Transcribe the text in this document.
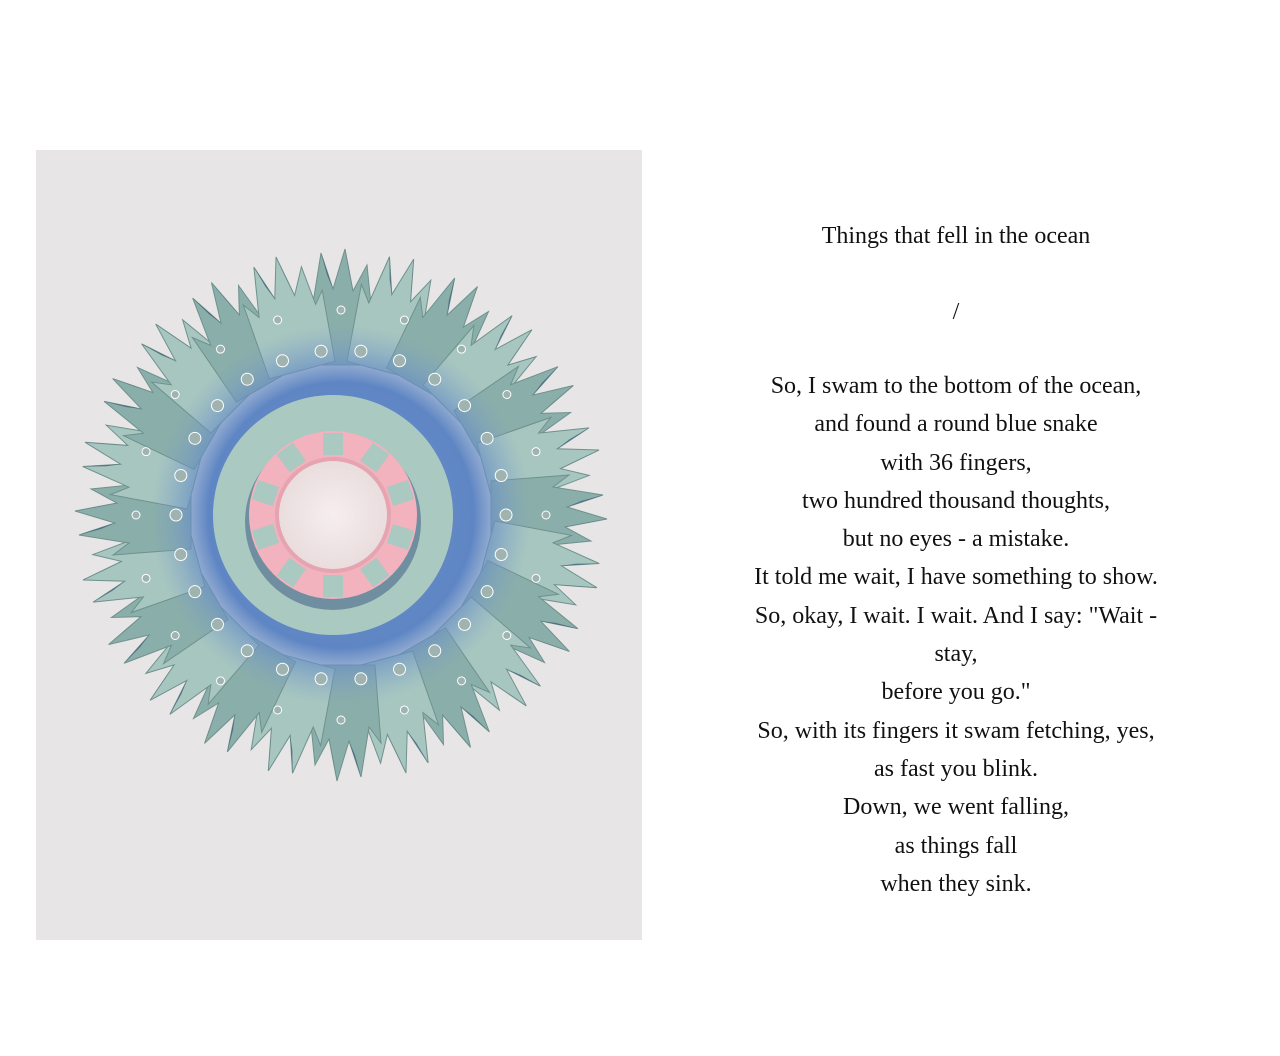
Things that fell in the ocean

/

So, I swam to the bottom of the ocean,
and found a round blue snake
with 36 fingers,
two hundred thousand thoughts,
but no eyes - a mistake.
It told me wait, I have something to show.
So, okay, I wait. I wait. And I say: "Wait -
stay,
before you go."
So, with its fingers it swam fetching, yes,
as fast you blink.
Down, we went falling,
as things fall
when they sink.
